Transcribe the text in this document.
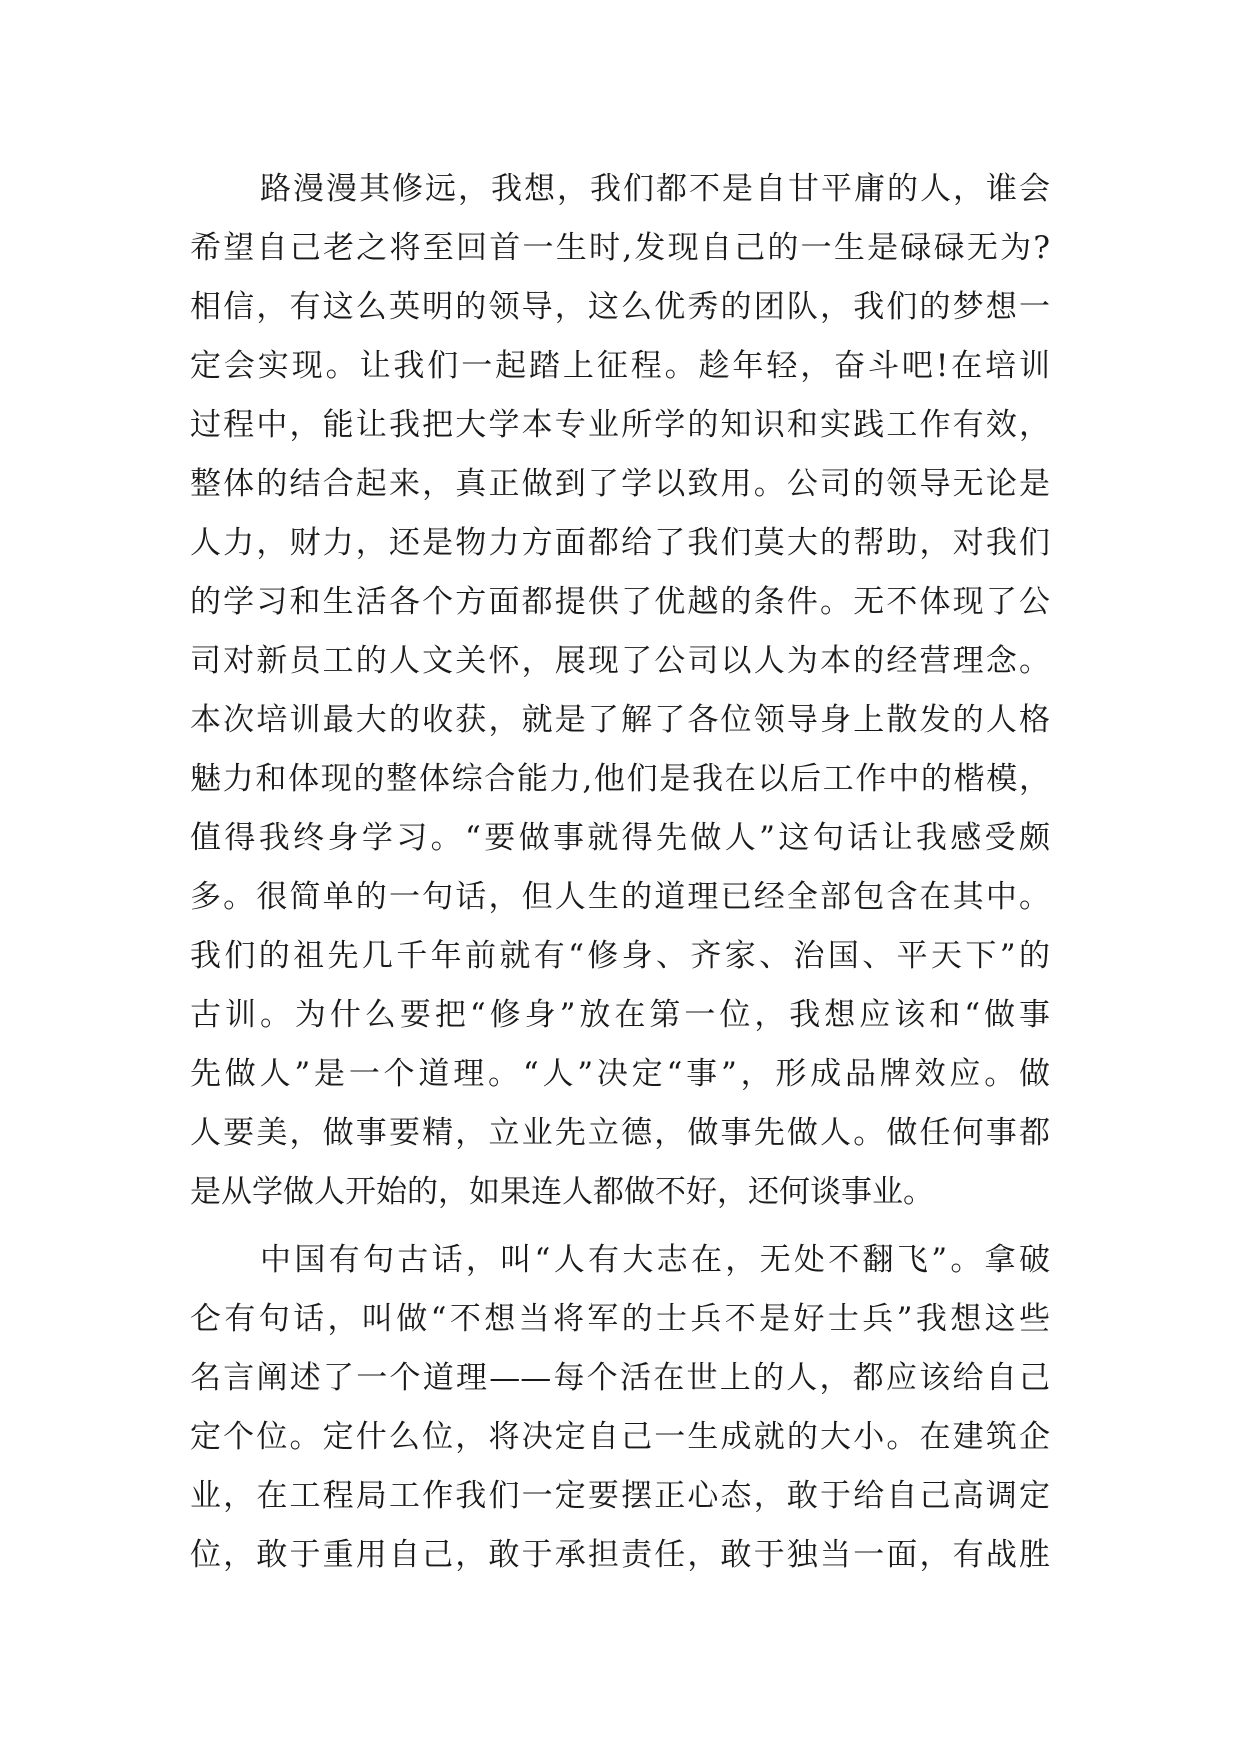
路漫漫其修远，我想，我们都不是自甘平庸的人，谁会
希望自己老之将至回首一生时,发现自己的一生是碌碌无为?
相信，有这么英明的领导，这么优秀的团队，我们的梦想一
定会实现。让我们一起踏上征程。趁年轻，奋斗吧!在培训
过程中，能让我把大学本专业所学的知识和实践工作有效，
整体的结合起来，真正做到了学以致用。公司的领导无论是
人力，财力，还是物力方面都给了我们莫大的帮助，对我们
的学习和生活各个方面都提供了优越的条件。无不体现了公
司对新员工的人文关怀，展现了公司以人为本的经营理念。
本次培训最大的收获，就是了解了各位领导身上散发的人格
魅力和体现的整体综合能力,他们是我在以后工作中的楷模，
值得我终身学习。“要做事就得先做人”这句话让我感受颇
多。很简单的一句话，但人生的道理已经全部包含在其中。
我们的祖先几千年前就有“修身、齐家、治国、平天下”的
古训。为什么要把“修身”放在第一位，我想应该和“做事
先做人”是一个道理。“人”决定“事”，形成品牌效应。做
人要美，做事要精，立业先立德，做事先做人。做任何事都
是从学做人开始的，如果连人都做不好，还何谈事业。
中国有句古话，叫“人有大志在，无处不翻飞”。拿破
仑有句话，叫做“不想当将军的士兵不是好士兵”我想这些
名言阐述了一个道理——每个活在世上的人，都应该给自己
定个位。定什么位，将决定自己一生成就的大小。在建筑企
业，在工程局工作我们一定要摆正心态，敢于给自己高调定
位，敢于重用自己，敢于承担责任，敢于独当一面，有战胜
